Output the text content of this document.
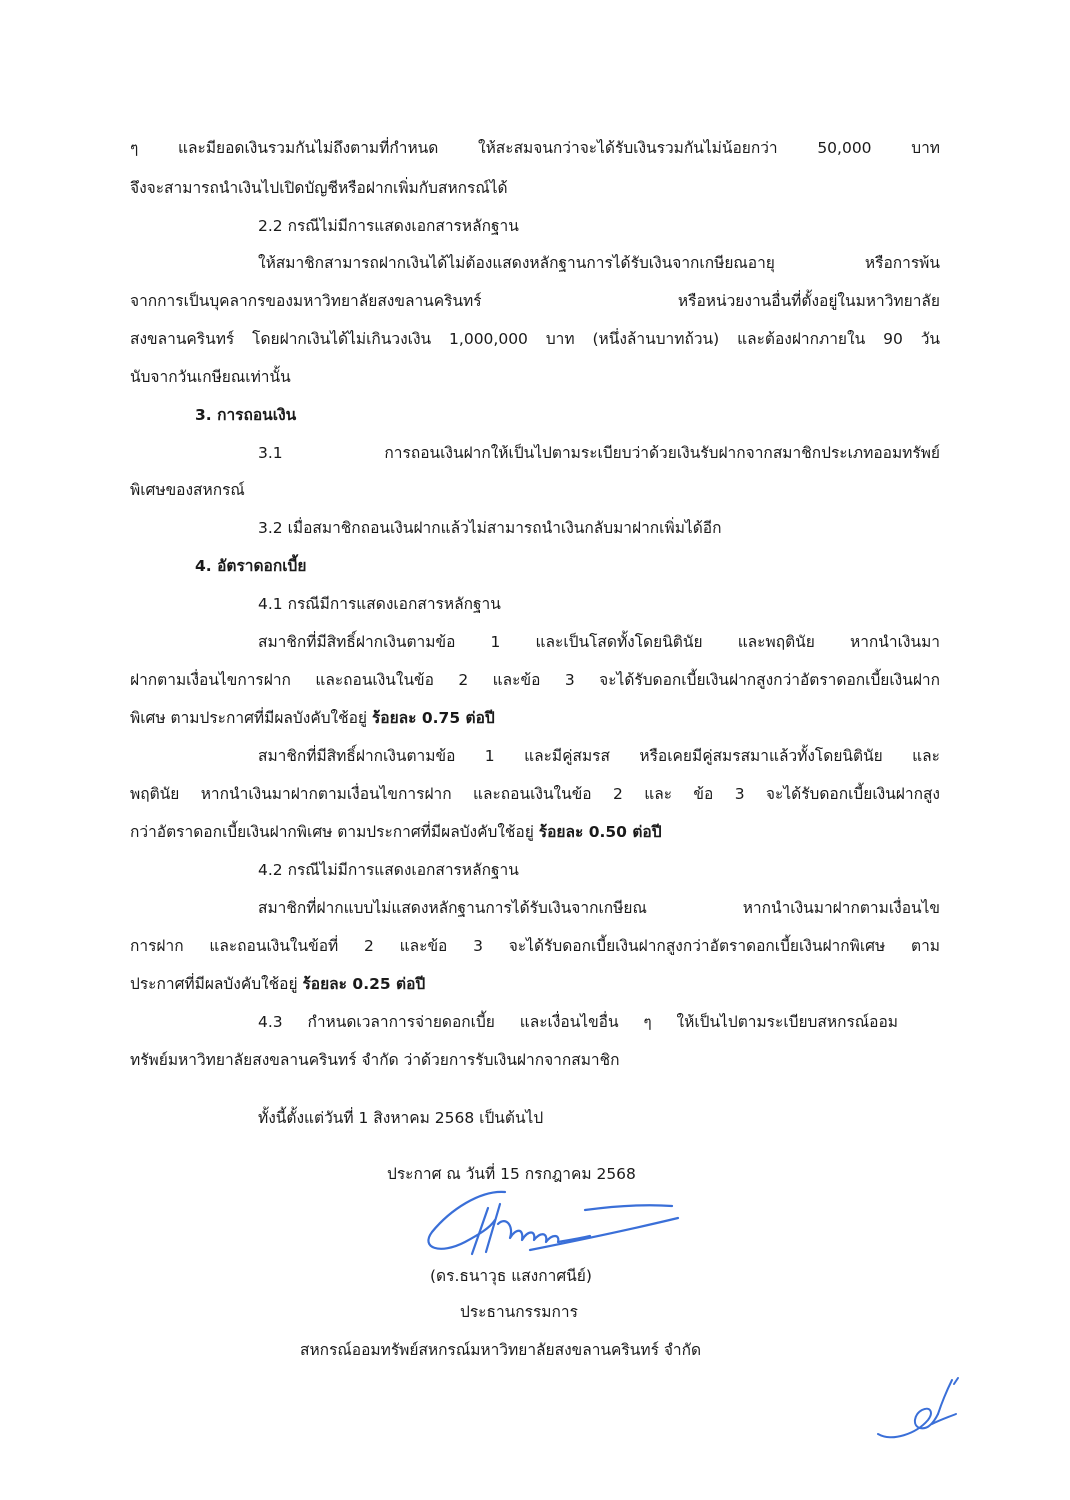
ๆ และมียอดเงินรวมกันไม่ถึงตามที่กำหนด ให้สะสมจนกว่าจะได้รับเงินรวมกันไม่น้อยกว่า 50,000 บาท
จึงจะสามารถนำเงินไปเปิดบัญชีหรือฝากเพิ่มกับสหกรณ์ได้
2.2 กรณีไม่มีการแสดงเอกสารหลักฐาน
ให้สมาชิกสามารถฝากเงินได้ไม่ต้องแสดงหลักฐานการได้รับเงินจากเกษียณอายุ หรือการพ้น
จากการเป็นบุคลากรของมหาวิทยาลัยสงขลานครินทร์ หรือหน่วยงานอื่นที่ตั้งอยู่ในมหาวิทยาลัย
สงขลานครินทร์ โดยฝากเงินได้ไม่เกินวงเงิน 1,000,000 บาท (หนึ่งล้านบาทถ้วน) และต้องฝากภายใน 90 วัน
นับจากวันเกษียณเท่านั้น
3. การถอนเงิน
3.1 การถอนเงินฝากให้เป็นไปตามระเบียบว่าด้วยเงินรับฝากจากสมาชิกประเภทออมทรัพย์
พิเศษของสหกรณ์
3.2 เมื่อสมาชิกถอนเงินฝากแล้วไม่สามารถนำเงินกลับมาฝากเพิ่มได้อีก
4. อัตราดอกเบี้ย
4.1 กรณีมีการแสดงเอกสารหลักฐาน
สมาชิกที่มีสิทธิ์ฝากเงินตามข้อ 1 และเป็นโสดทั้งโดยนิตินัย และพฤตินัย หากนำเงินมา
ฝากตามเงื่อนไขการฝาก และถอนเงินในข้อ 2 และข้อ 3 จะได้รับดอกเบี้ยเงินฝากสูงกว่าอัตราดอกเบี้ยเงินฝาก
พิเศษ ตามประกาศที่มีผลบังคับใช้อยู่ ร้อยละ 0.75 ต่อปี
สมาชิกที่มีสิทธิ์ฝากเงินตามข้อ 1 และมีคู่สมรส หรือเคยมีคู่สมรสมาแล้วทั้งโดยนิตินัย และ
พฤตินัย หากนำเงินมาฝากตามเงื่อนไขการฝาก และถอนเงินในข้อ 2 และ ข้อ 3 จะได้รับดอกเบี้ยเงินฝากสูง
กว่าอัตราดอกเบี้ยเงินฝากพิเศษ ตามประกาศที่มีผลบังคับใช้อยู่ ร้อยละ 0.50 ต่อปี
4.2 กรณีไม่มีการแสดงเอกสารหลักฐาน
สมาชิกที่ฝากแบบไม่แสดงหลักฐานการได้รับเงินจากเกษียณ หากนำเงินมาฝากตามเงื่อนไข
การฝาก และถอนเงินในข้อที่ 2 และข้อ 3 จะได้รับดอกเบี้ยเงินฝากสูงกว่าอัตราดอกเบี้ยเงินฝากพิเศษ ตาม
ประกาศที่มีผลบังคับใช้อยู่ ร้อยละ 0.25 ต่อปี
4.3 กำหนดเวลาการจ่ายดอกเบี้ย และเงื่อนไขอื่น ๆ ให้เป็นไปตามระเบียบสหกรณ์ออม
ทรัพย์มหาวิทยาลัยสงขลานครินทร์ จำกัด ว่าด้วยการรับเงินฝากจากสมาชิก
ทั้งนี้ตั้งแต่วันที่ 1 สิงหาคม 2568 เป็นต้นไป
ประกาศ ณ วันที่ 15 กรกฎาคม 2568
(ดร.ธนาวุธ แสงกาศนีย์)
ประธานกรรมการ
สหกรณ์ออมทรัพย์สหกรณ์มหาวิทยาลัยสงขลานครินทร์ จำกัด
